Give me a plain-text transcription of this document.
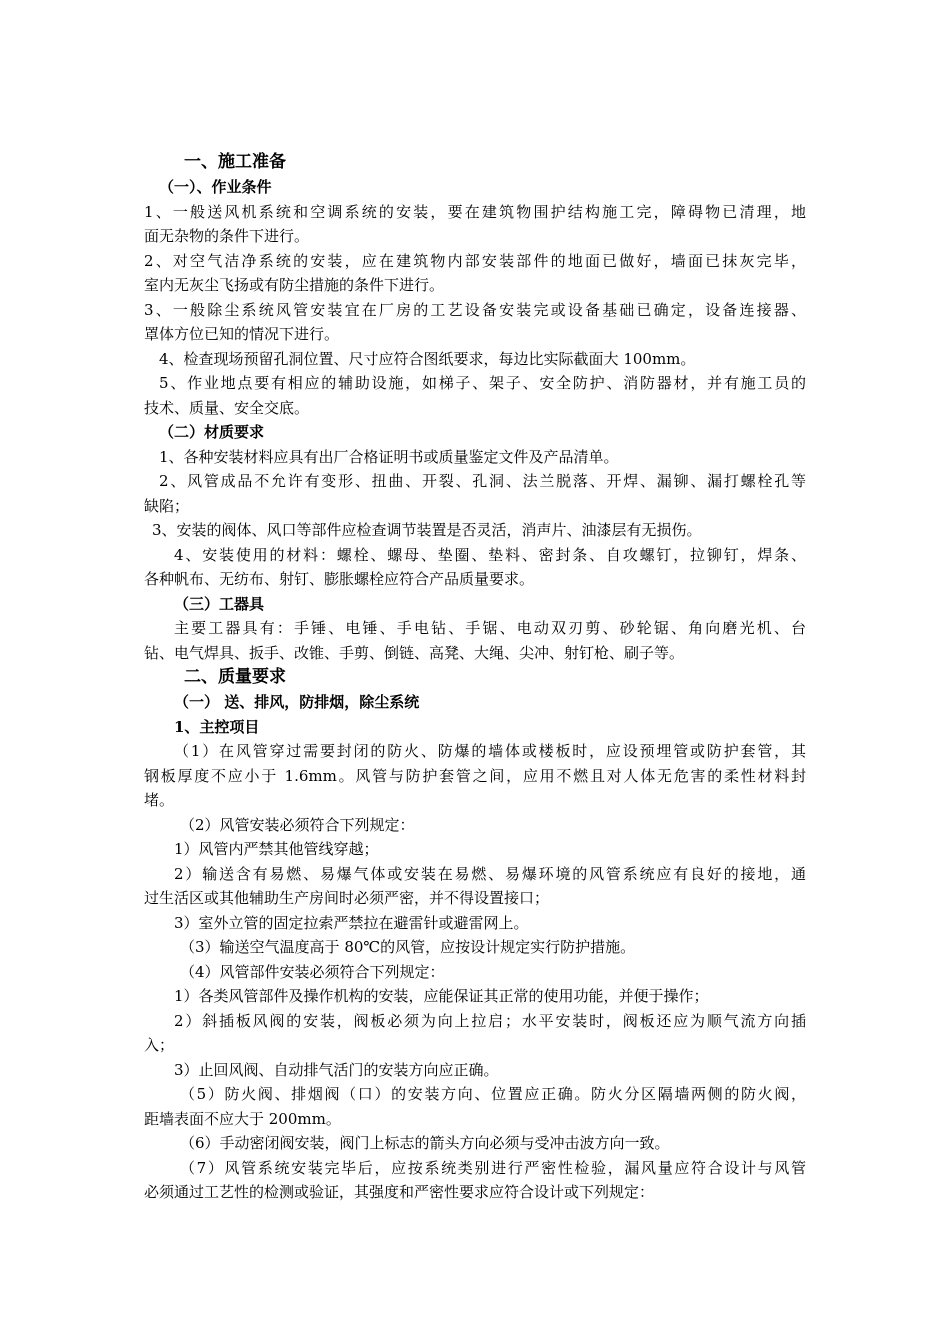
一、施工准备

（一）、作业条件

1、一般送风机系统和空调系统的安装，要在建筑物围护结构施工完，障碍物已清理，地

面无杂物的条件下进行。

2、对空气洁净系统的安装，应在建筑物内部安装部件的地面已做好，墙面已抹灰完毕，

室内无灰尘飞扬或有防尘措施的条件下进行。

3、一般除尘系统风管安装宜在厂房的工艺设备安装完或设备基础已确定，设备连接器、

罩体方位已知的情况下进行。

4、检查现场预留孔洞位置、尺寸应符合图纸要求，每边比实际截面大 100mm。

5、作业地点要有相应的辅助设施，如梯子、架子、安全防护、消防器材，并有施工员的

技术、质量、安全交底。

（二）材质要求

1、各种安装材料应具有出厂合格证明书或质量鉴定文件及产品清单。

2、风管成品不允许有变形、扭曲、开裂、孔洞、法兰脱落、开焊、漏铆、漏打螺栓孔等

缺陷；

3、安装的阀体、风口等部件应检查调节装置是否灵活，消声片、油漆层有无损伤。

4、安装使用的材料：螺栓、螺母、垫圈、垫料、密封条、自攻螺钉，拉铆钉，焊条、

各种帆布、无纺布、射钉、膨胀螺栓应符合产品质量要求。

（三）工器具

主要工器具有：手锤、电锤、手电钻、手锯、电动双刃剪、砂轮锯、角向磨光机、台

钻、电气焊具、扳手、改锥、手剪、倒链、高凳、大绳、尖冲、射钉枪、刷子等。

二、质量要求

（一） 送、排风，防排烟，除尘系统

1、主控项目

（1）在风管穿过需要封闭的防火、防爆的墙体或楼板时，应设预埋管或防护套管，其

钢板厚度不应小于 1.6mm。风管与防护套管之间，应用不燃且对人体无危害的柔性材料封

堵。

（2）风管安装必须符合下列规定：

1）风管内严禁其他管线穿越；

2）输送含有易燃、易爆气体或安装在易燃、易爆环境的风管系统应有良好的接地，通

过生活区或其他辅助生产房间时必须严密，并不得设置接口；

3）室外立管的固定拉索严禁拉在避雷针或避雷网上。

（3）输送空气温度高于 80℃的风管，应按设计规定实行防护措施。

（4）风管部件安装必须符合下列规定：

1）各类风管部件及操作机构的安装，应能保证其正常的使用功能，并便于操作；

2）斜插板风阀的安装，阀板必须为向上拉启；水平安装时，阀板还应为顺气流方向插

入；

3）止回风阀、自动排气活门的安装方向应正确。

（5）防火阀、排烟阀（口）的安装方向、位置应正确。防火分区隔墙两侧的防火阀，

距墙表面不应大于 200mm。

（6）手动密闭阀安装，阀门上标志的箭头方向必须与受冲击波方向一致。

（7）风管系统安装完毕后，应按系统类别进行严密性检验，漏风量应符合设计与风管

必须通过工艺性的检测或验证，其强度和严密性要求应符合设计或下列规定：
